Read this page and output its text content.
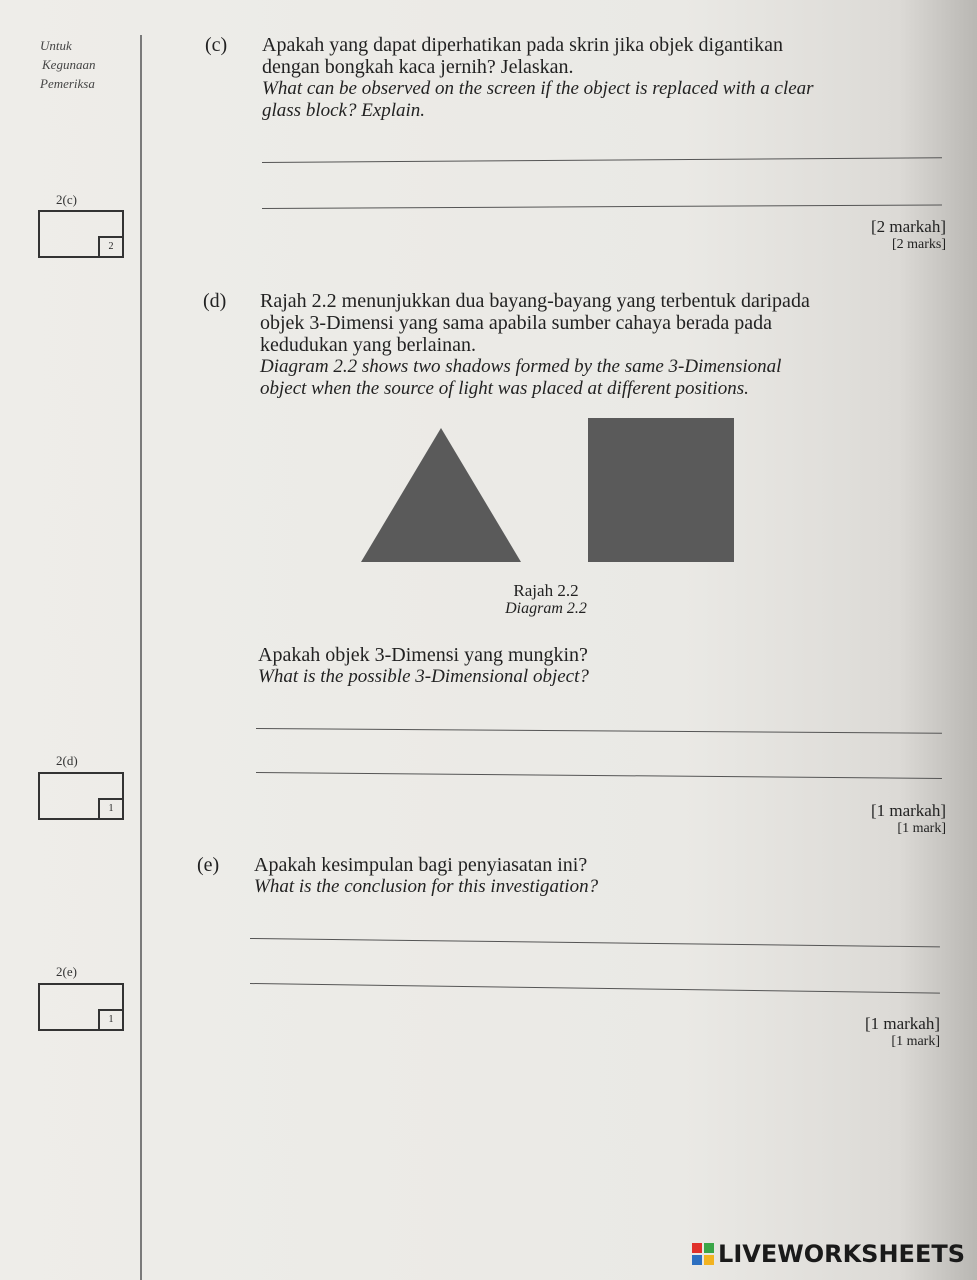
Untuk
Kegunaan
Pemeriksa
2(c)
2
2(d)
1
2(e)
1
(c) Apakah yang dapat diperhatikan pada skrin jika objek digantikan
dengan bongkah kaca jernih? Jelaskan.
What can be observed on the screen if the object is replaced with a clear
glass block? Explain.
[2 markah]
[2 marks]
(d) Rajah 2.2 menunjukkan dua bayang-bayang yang terbentuk daripada
objek 3-Dimensi yang sama apabila sumber cahaya berada pada
kedudukan yang berlainan.
Diagram 2.2 shows two shadows formed by the same 3-Dimensional
object when the source of light was placed at different positions.
Rajah 2.2
Diagram 2.2
Apakah objek 3-Dimensi yang mungkin?
What is the possible 3-Dimensional object?
[1 markah]
[1 mark]
(e) Apakah kesimpulan bagi penyiasatan ini?
What is the conclusion for this investigation?
[1 markah]
[1 mark]
LIVEWORKSHEETS
